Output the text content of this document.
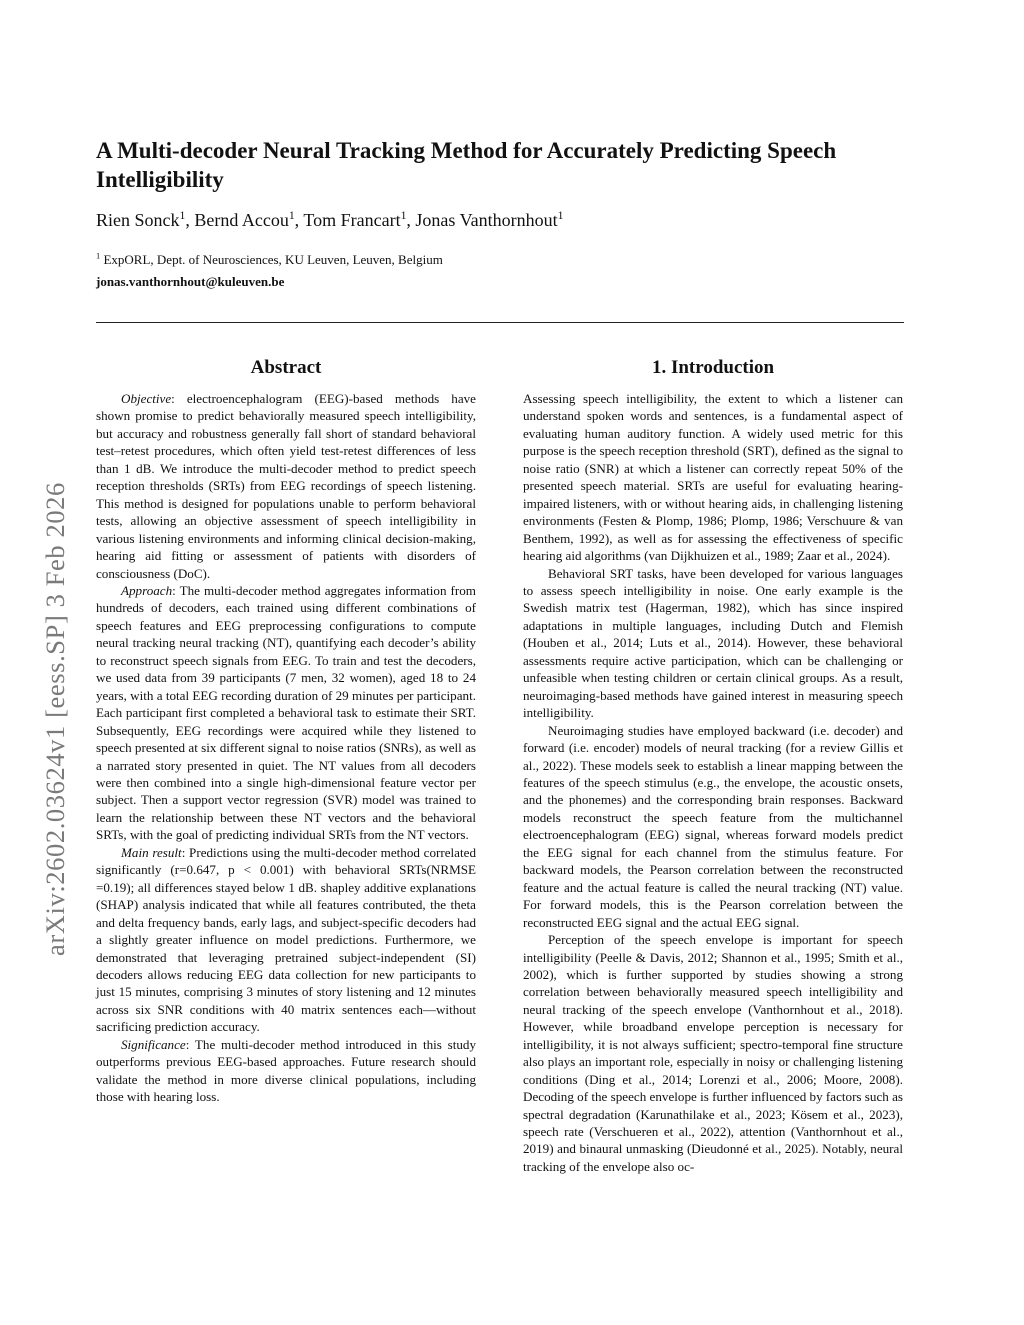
arXiv:2602.03624v1 [eess.SP] 3 Feb 2026
A Multi-decoder Neural Tracking Method for Accurately Predicting Speech Intelligibility
Rien Sonck$^1$, Bernd Accou$^1$, Tom Francart$^1$, Jonas Vanthornhout$^1$
$^1$ ExpORL, Dept. of Neurosciences, KU Leuven, Leuven, Belgium
jonas.vanthornhout@kuleuven.be
Abstract

Objective: electroencephalogram (EEG)-based methods have shown promise to predict behaviorally measured speech intelligibility, but accuracy and robustness generally fall short of standard behavioral test–retest procedures, which often yield test-retest differences of less than 1 dB. We introduce the multi-decoder method to predict speech reception thresholds (SRTs) from EEG recordings of speech listening. This method is designed for populations unable to perform behavioral tests, allowing an objective assessment of speech intelligibility in various listening environments and informing clinical decision-making, hearing aid fitting or assessment of patients with disorders of consciousness (DoC).

Approach: The multi-decoder method aggregates information from hundreds of decoders, each trained using different combinations of speech features and EEG preprocessing configurations to compute neural tracking neural tracking (NT), quantifying each decoder’s ability to reconstruct speech signals from EEG. To train and test the decoders, we used data from 39 participants (7 men, 32 women), aged 18 to 24 years, with a total EEG recording duration of 29 minutes per participant. Each participant first completed a behavioral task to estimate their SRT. Subsequently, EEG recordings were acquired while they listened to speech presented at six different signal to noise ratios (SNRs), as well as a narrated story presented in quiet. The NT values from all decoders were then combined into a single high-dimensional feature vector per subject. Then a support vector regression (SVR) model was trained to learn the relationship between these NT vectors and the behavioral SRTs, with the goal of predicting individual SRTs from the NT vectors.

Main result: Predictions using the multi-decoder method correlated significantly (r=0.647, p < 0.001) with behavioral SRTs(NRMSE =0.19); all differences stayed below 1 dB. shapley additive explanations (SHAP) analysis indicated that while all features contributed, the theta and delta frequency bands, early lags, and subject-specific decoders had a slightly greater influence on model predictions. Furthermore, we demonstrated that leveraging pretrained subject-independent (SI) decoders allows reducing EEG data collection for new participants to just 15 minutes, comprising 3 minutes of story listening and 12 minutes across six SNR conditions with 40 matrix sentences each—without sacrificing prediction accuracy.

Significance: The multi-decoder method introduced in this study outperforms previous EEG-based approaches. Future research should validate the method in more diverse clinical populations, including those with hearing loss.

1. Introduction

Assessing speech intelligibility, the extent to which a listener can understand spoken words and sentences, is a fundamental aspect of evaluating human auditory function. A widely used metric for this purpose is the speech reception threshold (SRT), defined as the signal to noise ratio (SNR) at which a listener can correctly repeat 50% of the presented speech material. SRTs are useful for evaluating hearing-impaired listeners, with or without hearing aids, in challenging listening environments (Festen & Plomp, 1986; Plomp, 1986; Verschuure & van Benthem, 1992), as well as for assessing the effectiveness of specific hearing aid algorithms (van Dijkhuizen et al., 1989; Zaar et al., 2024).

Behavioral SRT tasks, have been developed for various languages to assess speech intelligibility in noise. One early example is the Swedish matrix test (Hagerman, 1982), which has since inspired adaptations in multiple languages, including Dutch and Flemish (Houben et al., 2014; Luts et al., 2014). However, these behavioral assessments require active participation, which can be challenging or unfeasible when testing children or certain clinical groups. As a result, neuroimaging-based methods have gained interest in measuring speech intelligibility.

Neuroimaging studies have employed backward (i.e. decoder) and forward (i.e. encoder) models of neural tracking (for a review Gillis et al., 2022). These models seek to establish a linear mapping between the features of the speech stimulus (e.g., the envelope, the acoustic onsets, and the phonemes) and the corresponding brain responses. Backward models reconstruct the speech feature from the multichannel electroencephalogram (EEG) signal, whereas forward models predict the EEG signal for each channel from the stimulus feature. For backward models, the Pearson correlation between the reconstructed feature and the actual feature is called the neural tracking (NT) value. For forward models, this is the Pearson correlation between the reconstructed EEG signal and the actual EEG signal.

Perception of the speech envelope is important for speech intelligibility (Peelle & Davis, 2012; Shannon et al., 1995; Smith et al., 2002), which is further supported by studies showing a strong correlation between behaviorally measured speech intelligibility and neural tracking of the speech envelope (Vanthornhout et al., 2018). However, while broadband envelope perception is necessary for intelligibility, it is not always sufficient; spectro-temporal fine structure also plays an important role, especially in noisy or challenging listening conditions (Ding et al., 2014; Lorenzi et al., 2006; Moore, 2008). Decoding of the speech envelope is further influenced by factors such as spectral degradation (Karunathilake et al., 2023; Kösem et al., 2023), speech rate (Verschueren et al., 2022), attention (Vanthornhout et al., 2019) and binaural unmasking (Dieudonné et al., 2025). Notably, neural tracking of the envelope also oc-
